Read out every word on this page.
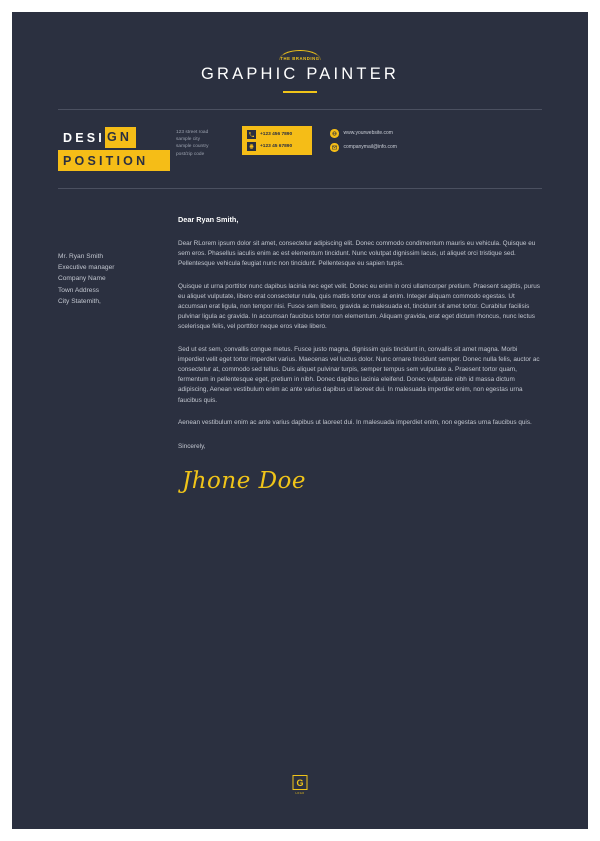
THE BRANDING
GRAPHIC PAINTER
DESI GN
POSITION
123 street road
sample city
sample country
post/zip code
+123 456 7890
+123 45 67890
www.yourwebsite.com
companymail@info.com
Mr. Ryan Smith
Executive manager
Company Name
Town Address
City Statemith,
Dear Ryan Smith,
Dear RLorem ipsum dolor sit amet, consectetur adipiscing elit. Donec commodo condimentum mauris eu vehicula. Quisque eu sem eros. Phasellus iaculis enim ac est elementum tincidunt. Nunc volutpat dignissim lacus, ut aliquet orci tristique sed. Pellentesque vehicula feugiat nunc non tincidunt. Pellentesque eu sapien turpis.
Quisque ut urna porttitor nunc dapibus lacinia nec eget velit. Donec eu enim in orci ullamcorper pretium. Praesent sagittis, purus eu aliquet vulputate, libero erat consectetur nulla, quis mattis tortor eros at enim. Integer aliquam commodo egestas. Ut accumsan erat ligula, non tempor nisi. Fusce sem libero, gravida ac malesuada et, tincidunt sit amet tortor. Curabitur facilisis pulvinar ligula ac gravida. In accumsan faucibus tortor non elementum. Aliquam gravida, erat eget dictum rhoncus, nunc lectus scelerisque felis, vel porttitor neque eros vitae libero.
Sed ut est sem, convallis congue metus. Fusce justo magna, dignissim quis tincidunt in, convallis sit amet magna. Morbi imperdiet velit eget tortor imperdiet varius. Maecenas vel luctus dolor. Nunc ornare tincidunt semper. Donec nulla felis, auctor ac consectetur at, commodo sed tellus. Duis aliquet pulvinar turpis, semper tempus sem vulputate a. Praesent tortor quam, fermentum in pellentesque eget, pretium in nibh. Donec dapibus lacinia eleifend. Donec vulputate nibh id massa dictum adipiscing, Aenean vestibulum enim ac ante varius dapibus ut laoreet dui. In malesuada imperdiet enim, non egestas urna faucibus quis.
Aenean vestibulum enim ac ante varius dapibus ut laoreet dui. In malesuada imperdiet enim, non egestas urna faucibus quis.
Sincerely,
Jhone Doe
G
LOGO
